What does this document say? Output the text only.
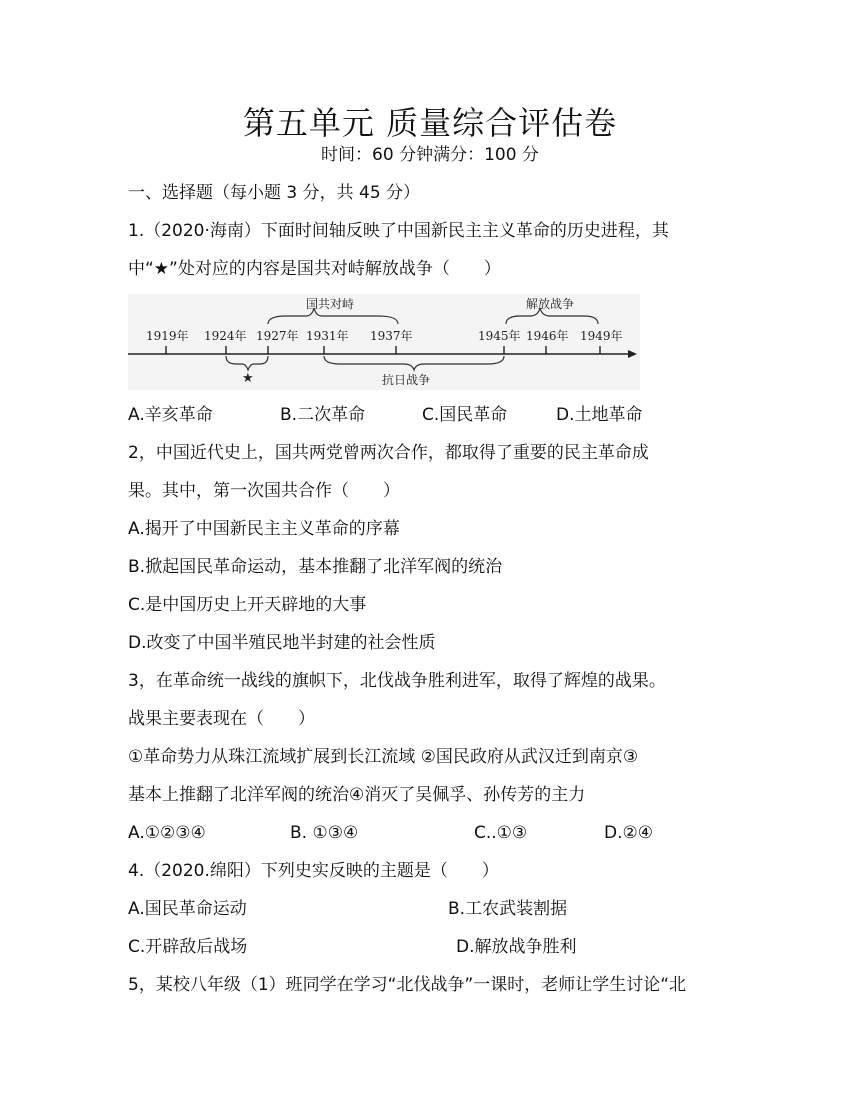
第五单元 质量综合评估卷
时间：60 分钟满分：100 分
一、选择题（每小题 3 分，共 45 分）
1.（2020·海南）下面时间轴反映了中国新民主主义革命的历史进程，其
中“★”处对应的内容是国共对峙解放战争（　　）
国共对峙	解放战争
1919年 1924年 1927年 1931年 1937年	1945年 1946年 1949年
★	抗日战争
A.辛亥革命	B.二次革命	C.国民革命	D.土地革命
2，中国近代史上，国共两党曾两次合作，都取得了重要的民主革命成
果。其中，第一次国共合作（　　）
A.揭开了中国新民主主义革命的序幕
B.掀起国民革命运动，基本推翻了北洋军阀的统治
C.是中国历史上开天辟地的大事
D.改变了中国半殖民地半封建的社会性质
3，在革命统一战线的旗帜下，北伐战争胜利进军，取得了辉煌的战果。
战果主要表现在（　　）
①革命势力从珠江流域扩展到长江流域 ②国民政府从武汉迁到南京③
基本上推翻了北洋军阀的统治④消灭了吴佩孚、孙传芳的主力
A.①②③④	B. ①③④	C..①③	D.②④
4.（2020.绵阳）下列史实反映的主题是（　　）
A.国民革命运动	B.工农武装割据
C.开辟敌后战场	D.解放战争胜利
5，某校八年级（1）班同学在学习“北伐战争”一课时，老师让学生讨论“北
